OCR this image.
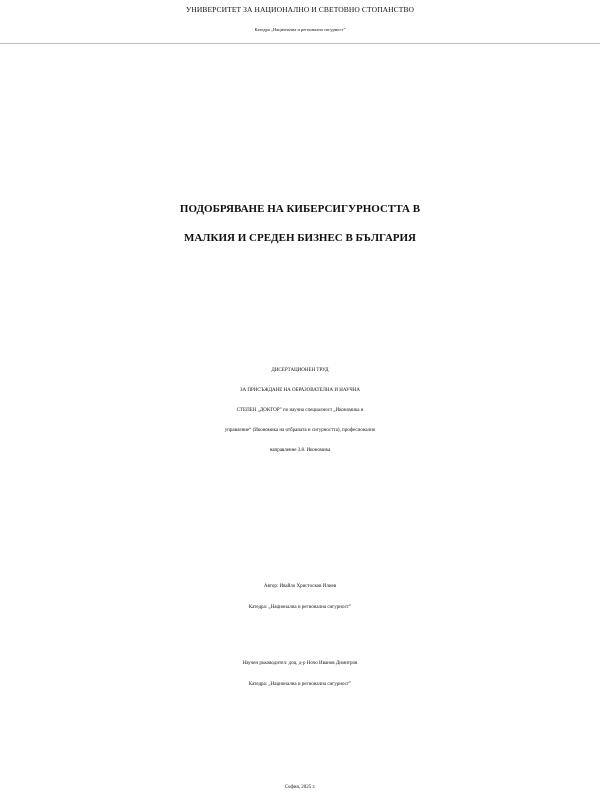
УНИВЕРСИТЕТ ЗА НАЦИОНАЛНО И СВЕТОВНО СТОПАНСТВО
Катедра „Национална и регионална сигурност”
ПОДОБРЯВАНЕ НА КИБЕРСИГУРНОСТТА В
МАЛКИЯ И СРЕДЕН БИЗНЕС В БЪЛГАРИЯ
ДИСЕРТАЦИОНЕН ТРУД
ЗА ПРИСЪЖДАНЕ НА ОБРАЗОВАТЕЛНА И НАУЧНА
СТЕПЕН „ДОКТОР” по научна специалност „Икономика и
управление“ (Икономика на отбраната и сигурността), професионално
направление 3.8. Икономика
Автор: Ивайло Христосков Илиев
Катедра: „Национална и регионална сигурност”
Научен ръководител: доц. д-р Ночо Иванов Димитров
Катедра: „Национална и регионална сигурност”
София, 2025 г.
